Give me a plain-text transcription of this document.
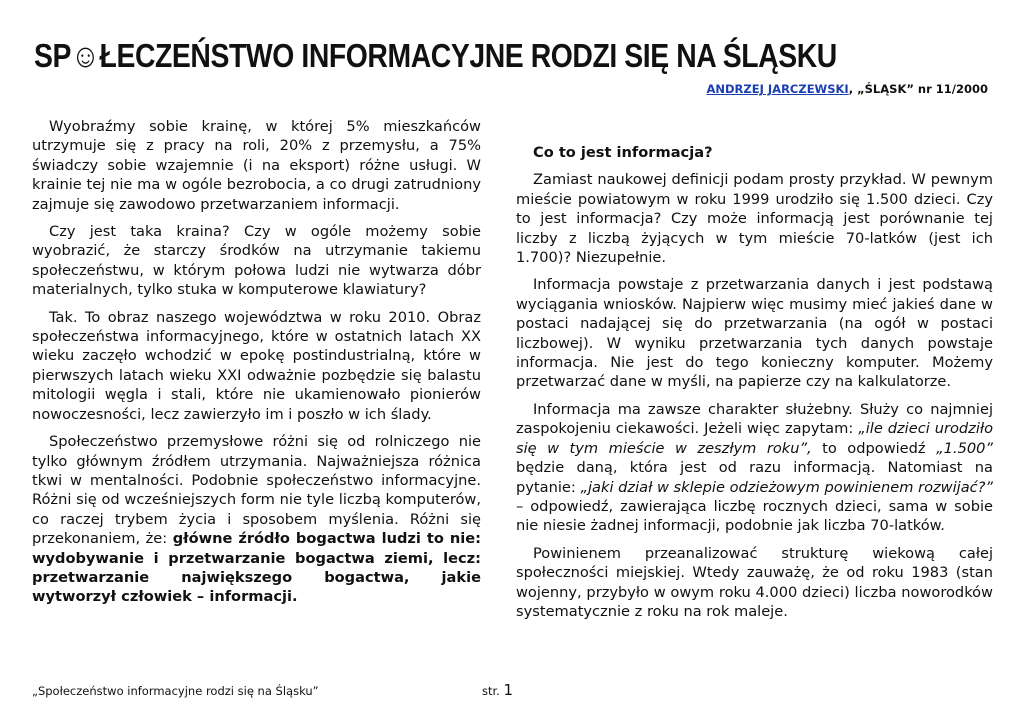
SP☺ŁECZEŃSTWO INFORMACYJNE RODZI SIĘ NA ŚLĄSKU
ANDRZEJ JARCZEWSKI, „ŚLĄSK” nr 11/2000

Wyobraźmy sobie krainę, w której 5% mieszkańców utrzymuje się z pracy na roli, 20% z przemysłu, a 75% świadczy sobie wzajemnie (i na eksport) różne usługi. W krainie tej nie ma w ogóle bezrobocia, a co drugi zatrudniony zajmuje się zawodowo przetwarzaniem informacji.

Czy jest taka kraina? Czy w ogóle możemy sobie wyobrazić, że starczy środków na utrzymanie takiemu społeczeństwu, w którym połowa ludzi nie wytwarza dóbr materialnych, tylko stuka w komputerowe klawiatury?

Tak. To obraz naszego województwa w roku 2010. Obraz społeczeństwa informacyjnego, które w ostatnich latach XX wieku zaczęło wchodzić w epokę postindustrialną, które w pierwszych latach wieku XXI odważnie pozbędzie się balastu mitologii węgla i stali, które nie ukamienowało pionierów nowoczesności, lecz zawierzyło im i poszło w ich ślady.

Społeczeństwo przemysłowe różni się od rolniczego nie tylko głównym źródłem utrzymania. Najważniejsza różnica tkwi w mentalności. Podobnie społeczeństwo informacyjne. Różni się od wcześniejszych form nie tyle liczbą komputerów, co raczej trybem życia i sposobem myślenia. Różni się przekonaniem, że: główne źródło bogactwa ludzi to nie: wydobywanie i przetwarzanie bogactwa ziemi, lecz: przetwarzanie największego bogactwa, jakie wytworzył człowiek – informacji.

Co to jest informacja?

Zamiast naukowej definicji podam prosty przykład. W pewnym mieście powiatowym w roku 1999 urodziło się 1.500 dzieci. Czy to jest informacja? Czy może informacją jest porównanie tej liczby z liczbą żyjących w tym mieście 70-latków (jest ich 1.700)? Niezupełnie.

Informacja powstaje z przetwarzania danych i jest podstawą wyciągania wniosków. Najpierw więc musimy mieć jakieś dane w postaci nadającej się do przetwarzania (na ogół w postaci liczbowej). W wyniku przetwarzania tych danych powstaje informacja. Nie jest do tego konieczny komputer. Możemy przetwarzać dane w myśli, na papierze czy na kalkulatorze.

Informacja ma zawsze charakter służebny. Służy co najmniej zaspokojeniu ciekawości. Jeżeli więc zapytam: „ile dzieci urodziło się w tym mieście w zeszłym roku”, to odpowiedź „1.500” będzie daną, która jest od razu informacją. Natomiast na pytanie: „jaki dział w sklepie odzieżowym powinienem rozwijać?” – odpowiedź, zawierająca liczbę rocznych dzieci, sama w sobie nie niesie żadnej informacji, podobnie jak liczba 70-latków.

Powinienem przeanalizować strukturę wiekową całej społeczności miejskiej. Wtedy zauważę, że od roku 1983 (stan wojenny, przybyło w owym roku 4.000 dzieci) liczba noworodków systematycznie z roku na rok maleje.

„Społeczeństwo informacyjne rodzi się na Śląsku”	str. 1
